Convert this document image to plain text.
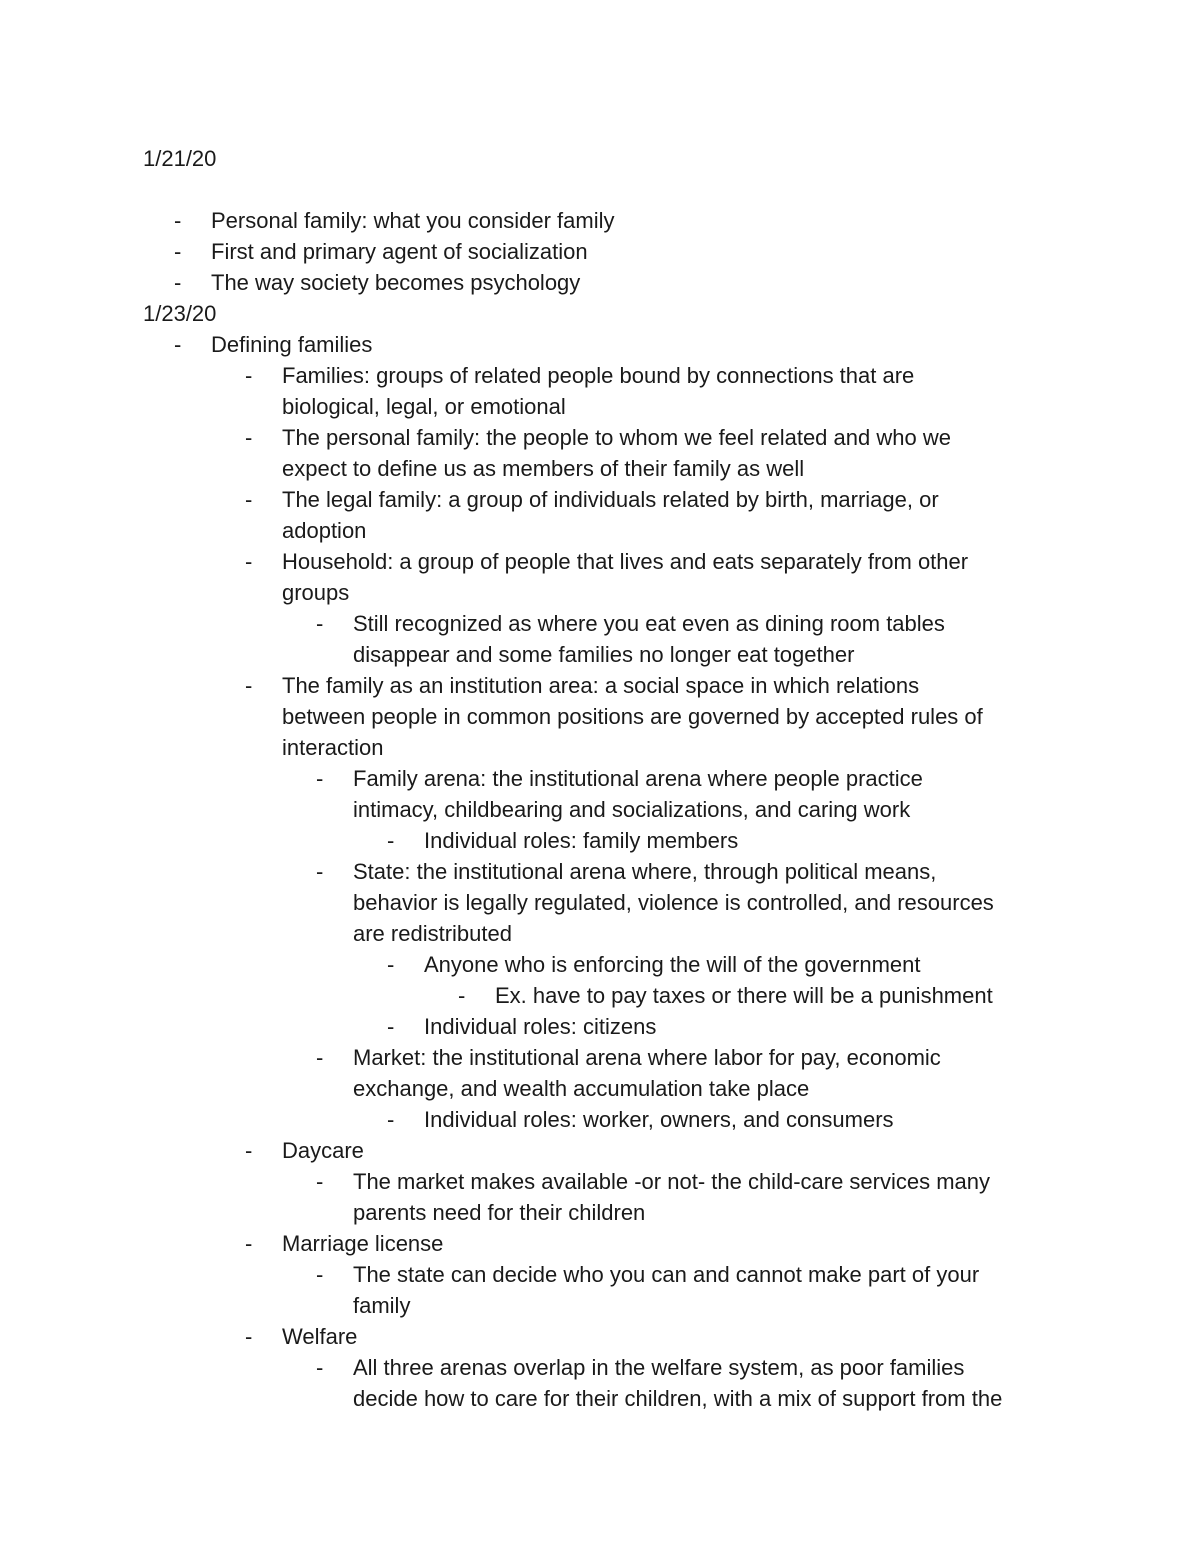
1/21/20
- Personal family: what you consider family
- First and primary agent of socialization
- The way society becomes psychology
1/23/20
- Defining families
- Families: groups of related people bound by connections that are
biological, legal, or emotional
- The personal family: the people to whom we feel related and who we
expect to define us as members of their family as well
- The legal family: a group of individuals related by birth, marriage, or
adoption
- Household: a group of people that lives and eats separately from other
groups
- Still recognized as where you eat even as dining room tables
disappear and some families no longer eat together
- The family as an institution area: a social space in which relations
between people in common positions are governed by accepted rules of
interaction
- Family arena: the institutional arena where people practice
intimacy, childbearing and socializations, and caring work
- Individual roles: family members
- State: the institutional arena where, through political means,
behavior is legally regulated, violence is controlled, and resources
are redistributed
- Anyone who is enforcing the will of the government
- Ex. have to pay taxes or there will be a punishment
- Individual roles: citizens
- Market: the institutional arena where labor for pay, economic
exchange, and wealth accumulation take place
- Individual roles: worker, owners, and consumers
- Daycare
- The market makes available -or not- the child-care services many
parents need for their children
- Marriage license
- The state can decide who you can and cannot make part of your
family
- Welfare
- All three arenas overlap in the welfare system, as poor families
decide how to care for their children, with a mix of support from the
